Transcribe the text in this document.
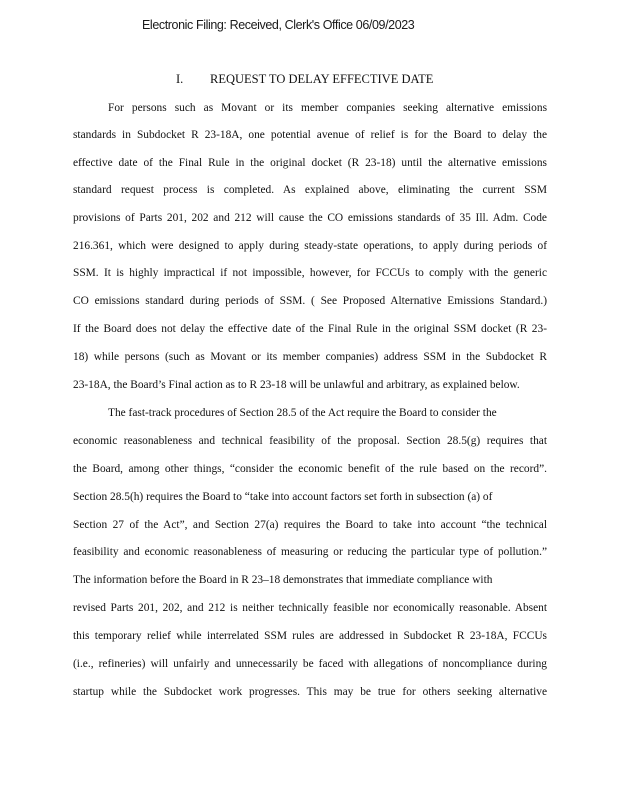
Electronic Filing: Received, Clerk's Office 06/09/2023
I. REQUEST TO DELAY EFFECTIVE DATE
For persons such as Movant or its member companies seeking alternative emissions
standards in Subdocket R 23-18A, one potential avenue of relief is for the Board to delay the
effective date of the Final Rule in the original docket (R 23-18) until the alternative emissions
standard request process is completed. As explained above, eliminating the current SSM
provisions of Parts 201, 202 and 212 will cause the CO emissions standards of 35 Ill. Adm. Code
216.361, which were designed to apply during steady-state operations, to apply during periods of
SSM. It is highly impractical if not impossible, however, for FCCUs to comply with the generic
CO emissions standard during periods of SSM. ( See Proposed Alternative Emissions Standard.)
If the Board does not delay the effective date of the Final Rule in the original SSM docket (R 23-
18) while persons (such as Movant or its member companies) address SSM in the Subdocket R
23-18A, the Board’s Final action as to R 23-18 will be unlawful and arbitrary, as explained below.
The fast-track procedures of Section 28.5 of the Act require the Board to consider the
economic reasonableness and technical feasibility of the proposal. Section 28.5(g) requires that
the Board, among other things, “consider the economic benefit of the rule based on the record”.
Section 28.5(h) requires the Board to “take into account factors set forth in subsection (a) of
Section 27 of the Act”, and Section 27(a) requires the Board to take into account “the technical
feasibility and economic reasonableness of measuring or reducing the particular type of pollution.”
The information before the Board in R 23–18 demonstrates that immediate compliance with
revised Parts 201, 202, and 212 is neither technically feasible nor economically reasonable. Absent
this temporary relief while interrelated SSM rules are addressed in Subdocket R 23-18A, FCCUs
(i.e., refineries) will unfairly and unnecessarily be faced with allegations of noncompliance during
startup while the Subdocket work progresses. This may be true for others seeking alternative
